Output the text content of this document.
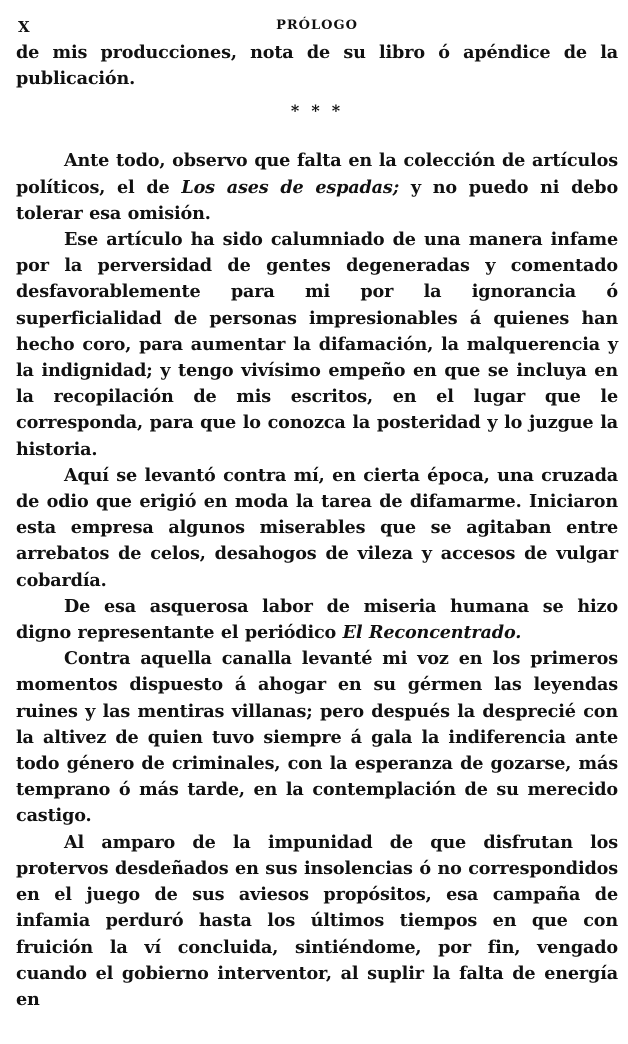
X	PRÓLOGO

de mis producciones, nota de su libro ó apéndice de la publicación.

* * *

Ante todo, observo que falta en la colección de artículos políticos, el de Los ases de espadas; y no puedo ni debo tolerar esa omisión.

Ese artículo ha sido calumniado de una manera infame por la perversidad de gentes degeneradas y comentado desfavorablemente para mi por la ignorancia ó superficialidad de personas impresionables á quienes han hecho coro, para aumentar la difamación, la malquerencia y la indignidad; y tengo vivísimo empeño en que se incluya en la recopilación de mis escritos, en el lugar que le corresponda, para que lo conozca la posteridad y lo juzgue la historia.

Aquí se levantó contra mí, en cierta época, una cruzada de odio que erigió en moda la tarea de difamarme. Iniciaron esta empresa algunos miserables que se agitaban entre arrebatos de celos, desahogos de vileza y accesos de vulgar cobardía.

De esa asquerosa labor de miseria humana se hizo digno representante el periódico El Reconcentrado.

Contra aquella canalla levanté mi voz en los primeros momentos dispuesto á ahogar en su gérmen las leyendas ruines y las mentiras villanas; pero después la desprecié con la altivez de quien tuvo siempre á gala la indiferencia ante todo género de criminales, con la esperanza de gozarse, más temprano ó más tarde, en la contemplación de su merecido castigo.

Al amparo de la impunidad de que disfrutan los protervos desdeñados en sus insolencias ó no correspondidos en el juego de sus aviesos propósitos, esa campaña de infamia perduró hasta los últimos tiempos en que con fruición la ví concluida, sintiéndome, por fin, vengado cuando el gobierno interventor, al suplir la falta de energía en
